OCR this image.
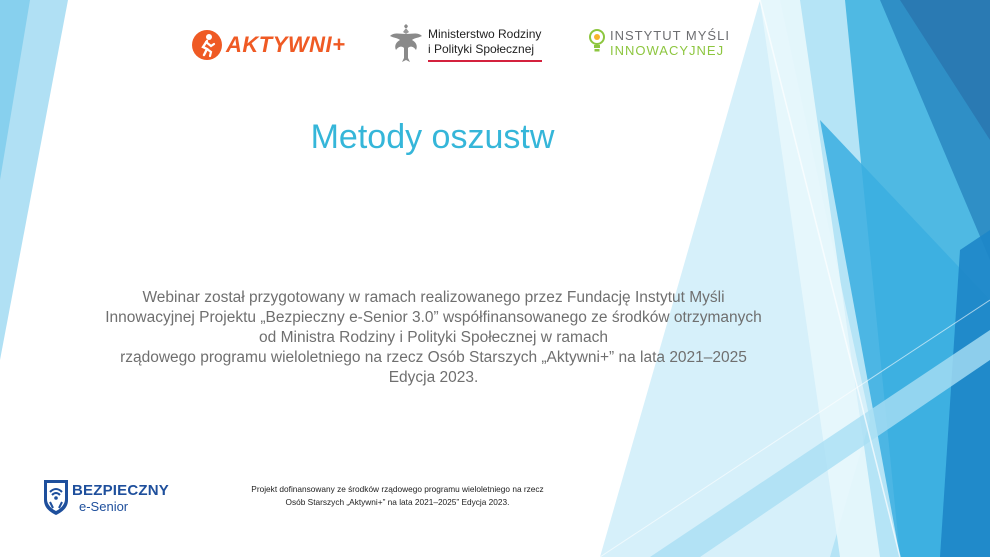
AKTYWNI+	Ministerstwo Rodziny
i Polityki Społecznej
INSTYTUT MYŚLI
INNOWACYJNEJ
Metody oszustw
Webinar został przygotowany w ramach realizowanego przez Fundację Instytut Myśli
Innowacyjnej Projektu „Bezpieczny e-Senior 3.0” współfinansowanego ze środków otrzymanych
od Ministra Rodziny i Polityki Społecznej w ramach
rządowego programu wieloletniego na rzecz Osób Starszych „Aktywni+” na lata 2021–2025
Edycja 2023.
BEZPIECZNY
e-Senior
Projekt dofinansowany ze środków rządowego programu wieloletniego na rzecz
Osób Starszych „Aktywni+” na lata 2021–2025” Edycja 2023.
